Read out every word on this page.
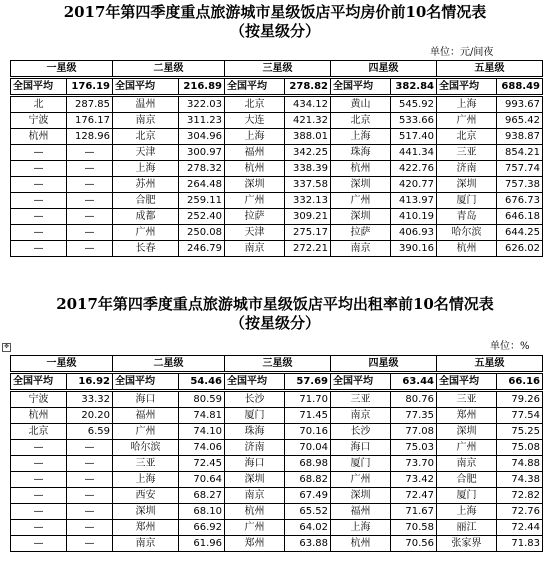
2017年第四季度重点旅游城市星级饭店平均房价前10名情况表
（按星级分）
单位：元/间夜
一星级		二星级		三星级		四星级		五星级	
全国平均	176.19	全国平均	216.89	全国平均	278.82	全国平均	382.84	全国平均	688.49
北	287.85	温州	322.03	北京	434.12	黄山	545.92	上海	993.67
宁波	176.17	南京	311.23	大连	421.32	北京	533.66	广州	965.42
杭州	128.96	北京	304.96	上海	388.01	上海	517.40	北京	938.87
—	—	天津	300.97	福州	342.25	珠海	441.34	三亚	854.21
—	—	上海	278.32	杭州	338.39	杭州	422.76	济南	757.74
—	—	苏州	264.48	深圳	337.58	深圳	420.77	深圳	757.38
—	—	合肥	259.11	广州	332.13	广州	413.97	厦门	676.73
—	—	成都	252.40	拉萨	309.21	深圳	410.19	青岛	646.18
—	—	广州	250.08	天津	275.17	拉萨	406.93	哈尔滨	644.25
—	—	长春	246.79	南京	272.21	南京	390.16	杭州	626.02
2017年第四季度重点旅游城市星级饭店平均出租率前10名情况表
（按星级分）
✥	单位：%
一星级		二星级		三星级		四星级		五星级	
全国平均	16.92	全国平均	54.46	全国平均	57.69	全国平均	63.44	全国平均	66.16
宁波	33.32	海口	80.59	长沙	71.70	三亚	80.76	三亚	79.26
杭州	20.20	福州	74.81	厦门	71.45	南京	77.35	郑州	77.54
北京	6.59	广州	74.10	珠海	70.16	长沙	77.08	深圳	75.25
—	—	哈尔滨	74.06	济南	70.04	海口	75.03	广州	75.08
—	—	三亚	72.45	海口	68.98	厦门	73.70	南京	74.88
—	—	上海	70.64	深圳	68.82	广州	73.42	合肥	74.38
—	—	西安	68.27	南京	67.49	深圳	72.47	厦门	72.82
—	—	深圳	68.10	杭州	65.52	福州	71.67	上海	72.76
—	—	郑州	66.92	广州	64.02	上海	70.58	丽江	72.44
—	—	南京	61.96	郑州	63.88	杭州	70.56	张家界	71.83
